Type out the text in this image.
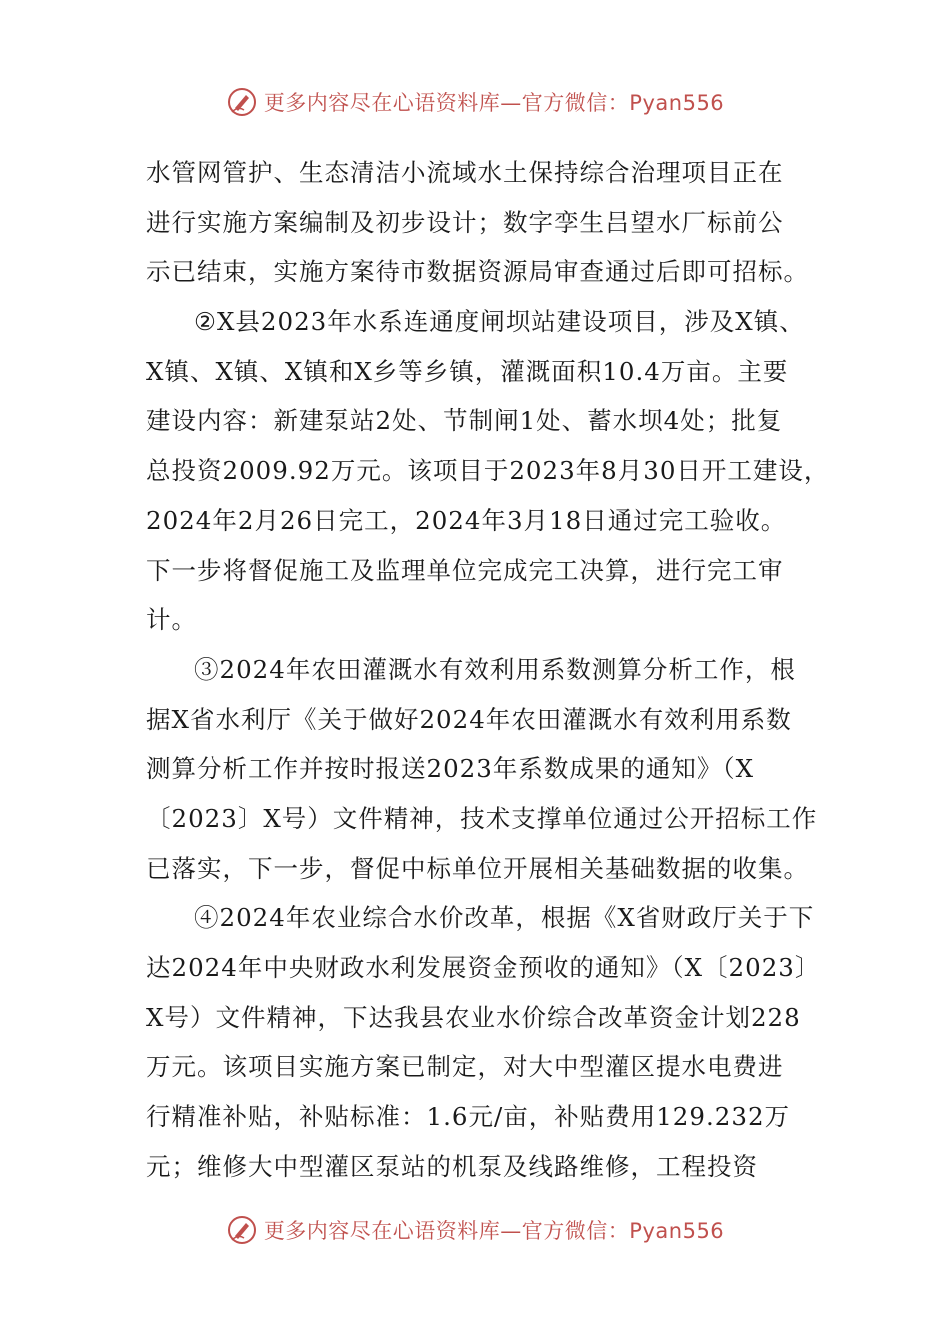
更多内容尽在心语资料库—官方微信：Pyan556
水管网管护、生态清洁小流域水土保持综合治理项目正在
进行实施方案编制及初步设计；数字孪生吕望水厂标前公
示已结束，实施方案待市数据资源局审查通过后即可招标。
②X县2023年水系连通度闸坝站建设项目，涉及X镇、
X镇、X镇、X镇和X乡等乡镇，灌溉面积10.4万亩。主要
建设内容：新建泵站2处、节制闸1处、蓄水坝4处；批复
总投资2009.92万元。该项目于2023年8月30日开工建设，
2024年2月26日完工，2024年3月18日通过完工验收。
下一步将督促施工及监理单位完成完工决算，进行完工审
计。
③2024年农田灌溉水有效利用系数测算分析工作，根
据X省水利厅《关于做好2024年农田灌溉水有效利用系数
测算分析工作并按时报送2023年系数成果的通知》（X
〔2023〕X号）文件精神，技术支撑单位通过公开招标工作
已落实，下一步，督促中标单位开展相关基础数据的收集。
④2024年农业综合水价改革，根据《X省财政厅关于下
达2024年中央财政水利发展资金预收的通知》（X〔2023〕
X号）文件精神，下达我县农业水价综合改革资金计划228
万元。该项目实施方案已制定，对大中型灌区提水电费进
行精准补贴，补贴标准：1.6元/亩，补贴费用129.232万
元；维修大中型灌区泵站的机泵及线路维修，工程投资
更多内容尽在心语资料库—官方微信：Pyan556
